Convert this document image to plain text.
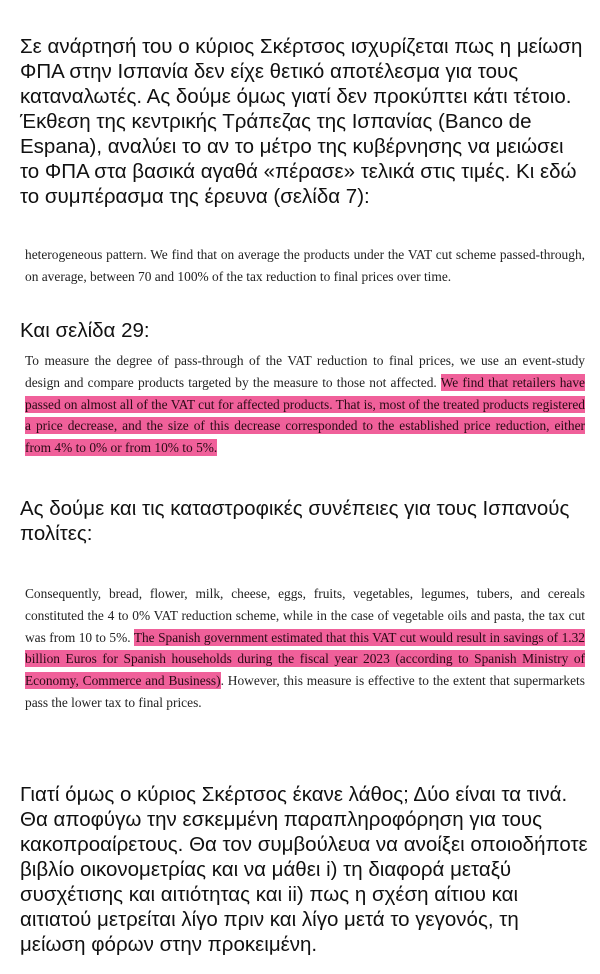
Σε ανάρτησή του ο κύριος Σκέρτσος ισχυρίζεται πως η μείωση ΦΠΑ στην Ισπανία δεν είχε θετικό αποτέλεσμα για τους καταναλωτές. Ας δούμε όμως γιατί δεν προκύπτει κάτι τέτοιο. Έκθεση της κεντρικής Τράπεζας της Ισπανίας (Banco de Espana), αναλύει το αν το μέτρο της κυβέρνησης να μειώσει το ΦΠΑ στα βασικά αγαθά «πέρασε» τελικά στις τιμές. Κι εδώ το συμπέρασμα της έρευνα (σελίδα 7):

heterogeneous pattern. We find that on average the products under the VAT cut scheme passed-through, on average, between 70 and 100% of the tax reduction to final prices over time.

Και σελίδα 29:

To measure the degree of pass-through of the VAT reduction to final prices, we use an event-study design and compare products targeted by the measure to those not affected. We find that retailers have passed on almost all of the VAT cut for affected products. That is, most of the treated products registered a price decrease, and the size of this decrease corresponded to the established price reduction, either from 4% to 0% or from 10% to 5%.

Ας δούμε και τις καταστροφικές συνέπειες για τους Ισπανούς πολίτες:

Consequently, bread, flower, milk, cheese, eggs, fruits, vegetables, legumes, tubers, and cereals constituted the 4 to 0% VAT reduction scheme, while in the case of vegetable oils and pasta, the tax cut was from 10 to 5%. The Spanish government estimated that this VAT cut would result in savings of 1.32 billion Euros for Spanish households during the fiscal year 2023 (according to Spanish Ministry of Economy, Commerce and Business). However, this measure is effective to the extent that supermarkets pass the lower tax to final prices.

Γιατί όμως ο κύριος Σκέρτσος έκανε λάθος; Δύο είναι τα τινά. Θα αποφύγω την εσκεμμένη παραπληροφόρηση για τους κακοπροαίρετους. Θα τον συμβούλευα να ανοίξει οποιοδήποτε βιβλίο οικονομετρίας και να μάθει i) τη διαφορά μεταξύ συσχέτισης και αιτιότητας και ii) πως η σχέση αίτιου και αιτιατού μετρείται λίγο πριν και λίγο μετά το γεγονός, τη μείωση φόρων στην προκειμένη.
